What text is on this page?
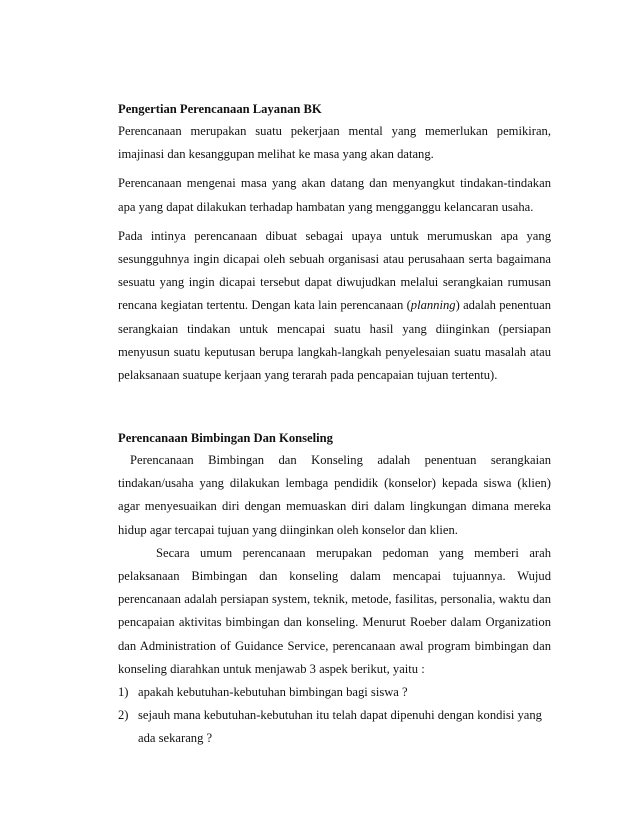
Pengertian Perencanaan Layanan BK
Perencanaan merupakan suatu pekerjaan mental yang memerlukan pemikiran,
imajinasi dan kesanggupan melihat ke masa yang akan datang.
Perencanaan mengenai masa yang akan datang dan menyangkut tindakan-tindakan
apa yang dapat dilakukan terhadap hambatan yang mengganggu kelancaran usaha.
Pada intinya perencanaan dibuat sebagai upaya untuk merumuskan apa yang
sesungguhnya ingin dicapai oleh sebuah organisasi atau perusahaan serta bagaimana
sesuatu yang ingin dicapai tersebut dapat diwujudkan melalui serangkaian rumusan
rencana kegiatan tertentu. Dengan kata lain perencanaan (planning) adalah penentuan
serangkaian tindakan untuk mencapai suatu hasil yang diinginkan (persiapan
menyusun suatu keputusan berupa langkah-langkah penyelesaian suatu masalah atau
pelaksanaan suatupe kerjaan yang terarah pada pencapaian tujuan tertentu).
Perencanaan Bimbingan Dan Konseling
Perencanaan Bimbingan dan Konseling adalah penentuan serangkaian
tindakan/usaha yang dilakukan lembaga pendidik (konselor) kepada siswa (klien)
agar menyesuaikan diri dengan memuaskan diri dalam lingkungan dimana mereka
hidup agar tercapai tujuan yang diinginkan oleh konselor dan klien.
Secara umum perencanaan merupakan pedoman yang memberi arah
pelaksanaan Bimbingan dan konseling dalam mencapai tujuannya. Wujud
perencanaan adalah persiapan system, teknik, metode, fasilitas, personalia, waktu dan
pencapaian aktivitas bimbingan dan konseling. Menurut Roeber dalam Organization
dan Administration of Guidance Service, perencanaan awal program bimbingan dan
konseling diarahkan untuk menjawab 3 aspek berikut, yaitu :
1) apakah kebutuhan-kebutuhan bimbingan bagi siswa ?
2) sejauh mana kebutuhan-kebutuhan itu telah dapat dipenuhi dengan kondisi yang
ada sekarang ?
